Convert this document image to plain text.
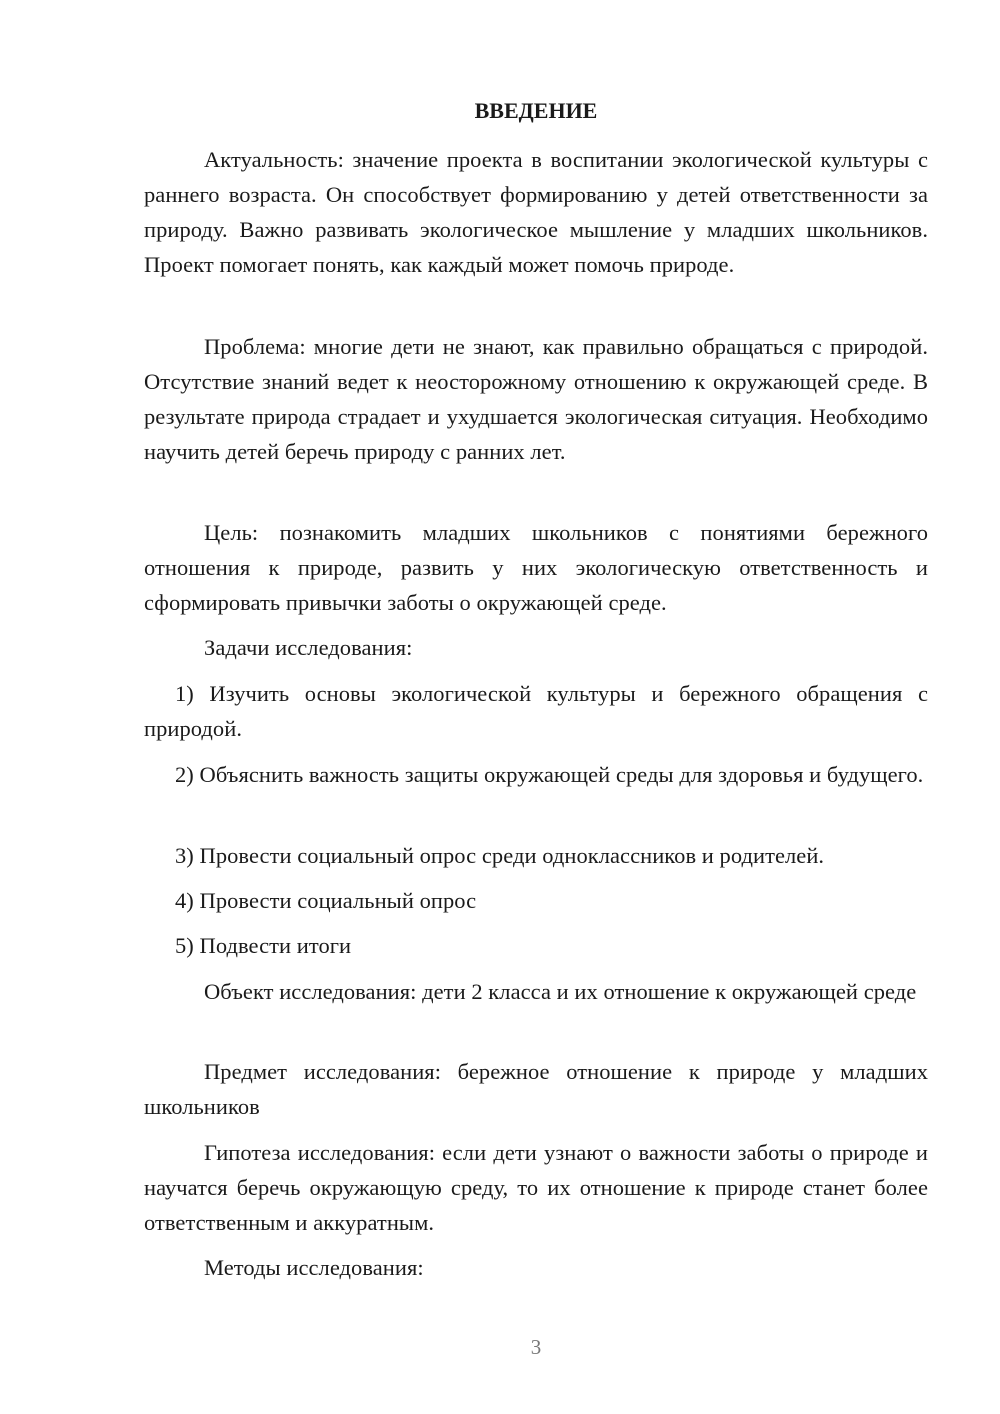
ВВЕДЕНИЕ

Актуальность: значение проекта в воспитании экологической культуры с раннего возраста. Он способствует формированию у детей ответственности за природу. Важно развивать экологическое мышление у младших школьников. Проект помогает понять, как каждый может помочь природе.

Проблема: многие дети не знают, как правильно обращаться с природой. Отсутствие знаний ведет к неосторожному отношению к окружающей среде. В результате природа страдает и ухудшается экологическая ситуация. Необходимо научить детей беречь природу с ранних лет.

Цель: познакомить младших школьников с понятиями бережного отношения к природе, развить у них экологическую ответственность и сформировать привычки заботы о окружающей среде.

Задачи исследования:

1) Изучить основы экологической культуры и бережного обращения с природой.

2) Объяснить важность защиты окружающей среды для здоровья и будущего.

3) Провести социальный опрос среди одноклассников и родителей.

4) Провести социальный опрос

5) Подвести итоги

Объект исследования: дети 2 класса и их отношение к окружающей среде

Предмет исследования: бережное отношение к природе у младших школьников

Гипотеза исследования: если дети узнают о важности заботы о природе и научатся беречь окружающую среду, то их отношение к природе станет более ответственным и аккуратным.

Методы исследования:

3
